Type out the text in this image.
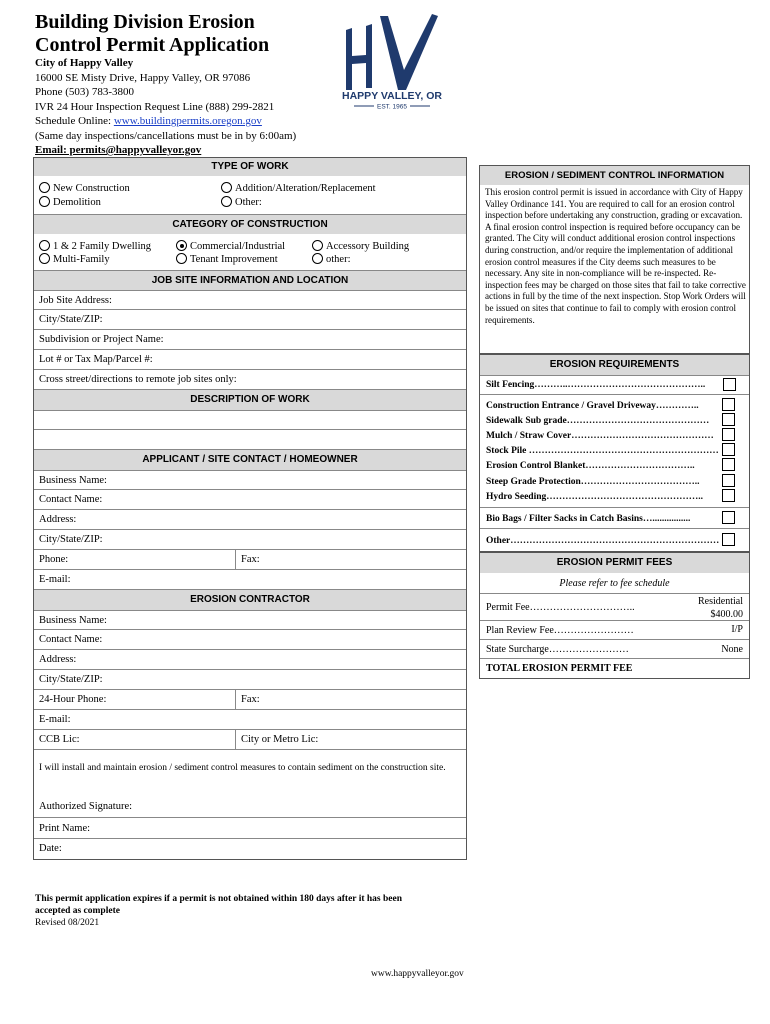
Building Division Erosion
Control Permit Application
City of Happy Valley
16000 SE Misty Drive, Happy Valley, OR 97086
Phone (503) 783-3800
IVR 24 Hour Inspection Request Line (888) 299-2821
Schedule Online: www.buildingpermits.oregon.gov
(Same day inspections/cancellations must be in by 6:00am)
Email: permits@happyvalleyor.gov
HAPPY VALLEY, OR
EST. 1965
TYPE OF WORK
New Construction
Demolition
Addition/Alteration/Replacement
Other:
CATEGORY OF CONSTRUCTION
1 & 2 Family Dwelling
Multi-Family
Commercial/Industrial
Tenant Improvement
Accessory Building
other:
JOB SITE INFORMATION AND LOCATION
Job Site Address:
City/State/ZIP:
Subdivision or Project Name:
Lot # or Tax Map/Parcel #:
Cross street/directions to remote job sites only:
DESCRIPTION OF WORK
APPLICANT / SITE CONTACT / HOMEOWNER
Business Name:
Contact Name:
Address:
City/State/ZIP:
Phone:	Fax:
E-mail:
EROSION CONTRACTOR
Business Name:
Contact Name:
Address:
City/State/ZIP:
24-Hour Phone:	Fax:
E-mail:
CCB Lic:	City or Metro Lic:
I will install and maintain erosion / sediment control measures to contain sediment on the construction site.
Authorized Signature:
Print Name:
Date:
EROSION / SEDIMENT CONTROL INFORMATION
This erosion control permit is issued in accordance with City of Happy Valley Ordinance 141. You are required to call for an erosion control inspection before undertaking any construction, grading or excavation. A final erosion control inspection is required before occupancy can be granted. The City will conduct additional erosion control inspections during construction, and/or require the implementation of additional erosion control measures if the City deems such measures to be necessary. Any site in non-compliance will be re-inspected. Re-inspection fees may be charged on those sites that fail to take corrective actions in full by the time of the next inspection. Stop Work Orders will be issued on sites that continue to fail to comply with erosion control requirements.
EROSION REQUIREMENTS
Silt Fencing………..……………………………………..
Construction Entrance / Gravel Driveway…………..
Sidewalk Sub grade………………………………………
Mulch / Straw Cover………………………………………
Stock Pile ……………………………………………………
Erosion Control Blanket……………………………..
Steep Grade Protection………………………………..
Hydro Seeding…………………………………………..
Bio Bags / Filter Sacks in Catch Basins…................
Other…………………………………………………………
EROSION PERMIT FEES
Please refer to fee schedule
Permit Fee…………………………..
Residential
$400.00
Plan Review Fee……………………	I/P
State Surcharge……………………	None
TOTAL EROSION PERMIT FEE
This permit application expires if a permit is not obtained within 180 days after it has been accepted as complete
Revised 08/2021
www.happyvalleyor.gov
